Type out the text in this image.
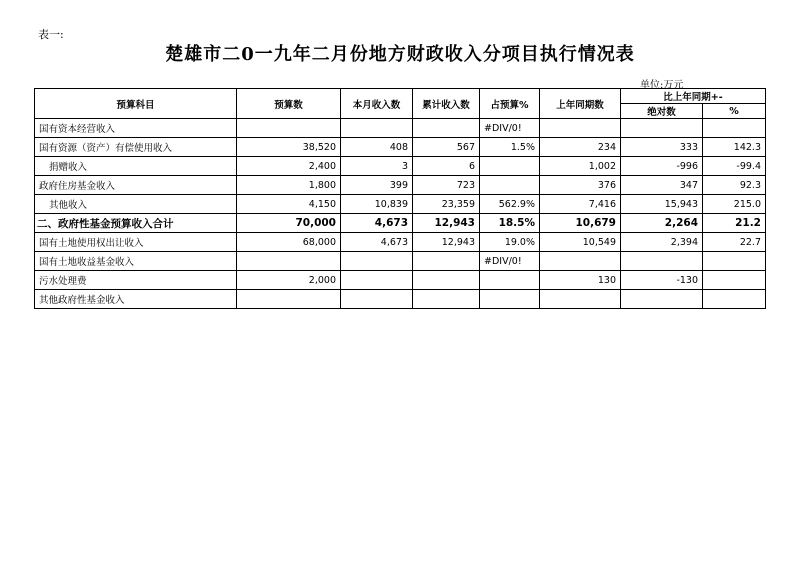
表一:
楚雄市二0一九年二月份地方财政收入分项目执行情况表
单位:万元
预算科目	预算数	本月收入数	累计收入数	占预算%	上年同期数	比上年同期+-	
						绝对数	%
国有资本经营收入				#DIV/0!			
国有资源（资产）有偿使用收入	38,520	408	567	1.5%	234	333	142.3
捐赠收入	2,400	3	6		1,002	-996	-99.4
政府住房基金收入	1,800	399	723		376	347	92.3
其他收入	4,150	10,839	23,359	562.9%	7,416	15,943	215.0
二、政府性基金预算收入合计	70,000	4,673	12,943	18.5%	10,679	2,264	21.2
国有土地使用权出让收入	68,000	4,673	12,943	19.0%	10,549	2,394	22.7
国有土地收益基金收入				#DIV/0!			
污水处理费	2,000				130	-130	
其他政府性基金收入							
